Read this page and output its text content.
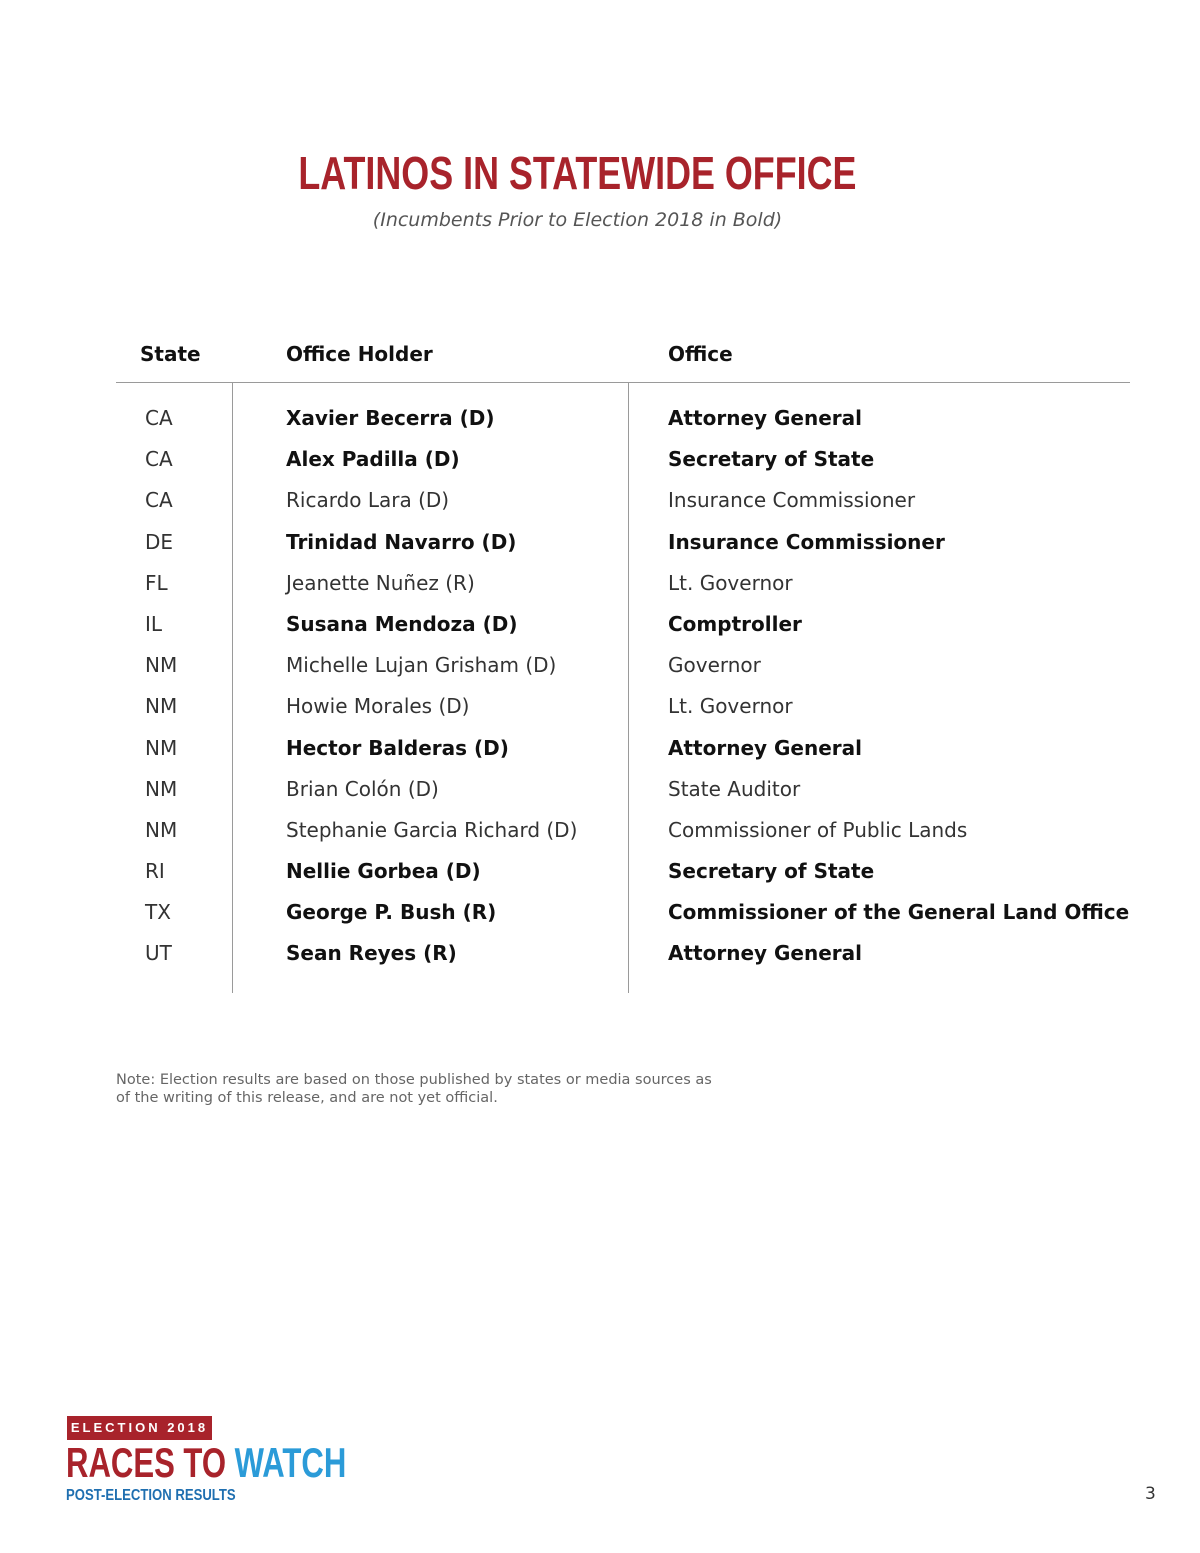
LATINOS IN STATEWIDE OFFICE
(Incumbents Prior to Election 2018 in Bold)
State	Office Holder	Office
CA	Xavier Becerra (D)	Attorney General
CA	Alex Padilla (D)	Secretary of State
CA	Ricardo Lara (D)	Insurance Commissioner
DE	Trinidad Navarro (D)	Insurance Commissioner
FL	Jeanette Nuñez (R)	Lt. Governor
IL	Susana Mendoza (D)	Comptroller
NM	Michelle Lujan Grisham (D)	Governor
NM	Howie Morales (D)	Lt. Governor
NM	Hector Balderas (D)	Attorney General
NM	Brian Colón (D)	State Auditor
NM	Stephanie Garcia Richard (D)	Commissioner of Public Lands
RI	Nellie Gorbea (D)	Secretary of State
TX	George P. Bush (R)	Commissioner of the General Land Office
UT	Sean Reyes (R)	Attorney General
Note: Election results are based on those published by states or media sources as of the writing of this release, and are not yet official.
ELECTION 2018
RACES TO WATCH
POST-ELECTION RESULTS	3
